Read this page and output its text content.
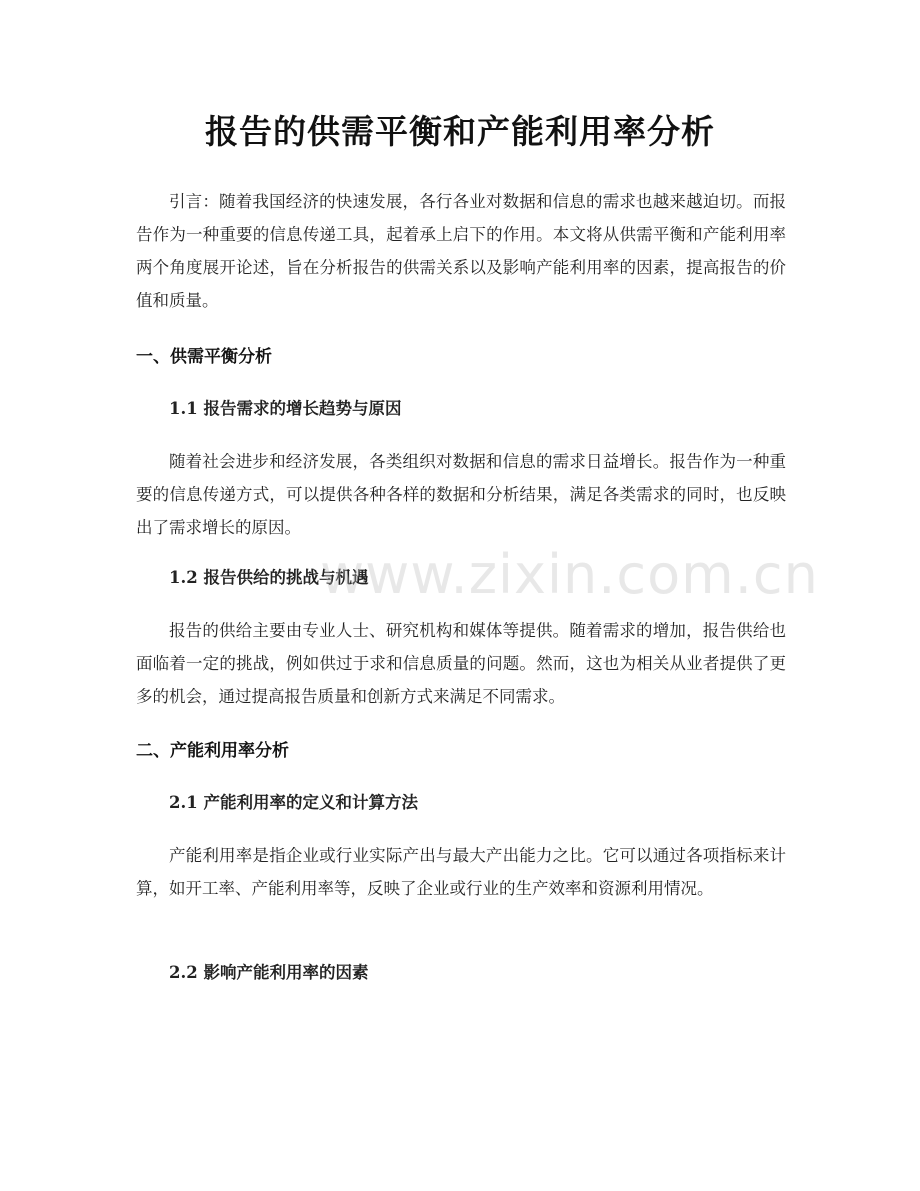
报告的供需平衡和产能利用率分析

引言：随着我国经济的快速发展，各行各业对数据和信息的需求也越来越迫切。而报告作为一种重要的信息传递工具，起着承上启下的作用。本文将从供需平衡和产能利用率两个角度展开论述，旨在分析报告的供需关系以及影响产能利用率的因素，提高报告的价值和质量。

一、供需平衡分析
1.1 报告需求的增长趋势与原因

随着社会进步和经济发展，各类组织对数据和信息的需求日益增长。报告作为一种重要的信息传递方式，可以提供各种各样的数据和分析结果，满足各类需求的同时，也反映出了需求增长的原因。

1.2 报告供给的挑战与机遇

报告的供给主要由专业人士、研究机构和媒体等提供。随着需求的增加，报告供给也面临着一定的挑战，例如供过于求和信息质量的问题。然而，这也为相关从业者提供了更多的机会，通过提高报告质量和创新方式来满足不同需求。

二、产能利用率分析
2.1 产能利用率的定义和计算方法

产能利用率是指企业或行业实际产出与最大产出能力之比。它可以通过各项指标来计算，如开工率、产能利用率等，反映了企业或行业的生产效率和资源利用情况。

2.2 影响产能利用率的因素
www.zixin.com.cn
